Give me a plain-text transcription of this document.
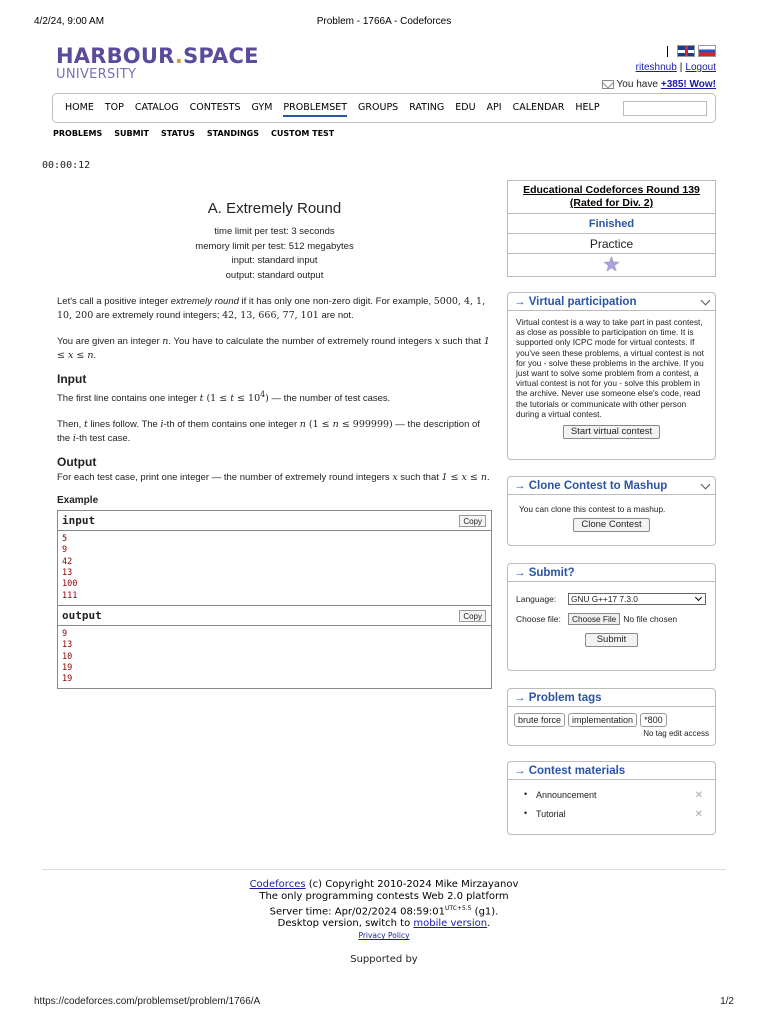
4/2/24, 9:00 AM	Problem - 1766A - Codeforces
HARBOUR.SPACE
UNIVERSITY	riteshnub | Logout
You have +385! Wow!
HOME TOP CATALOG CONTESTS GYM PROBLEMSET GROUPS RATING EDU API CALENDAR HELP
PROBLEMS SUBMIT STATUS STANDINGS CUSTOM TEST
00:00:12
A. Extremely Round
time limit per test: 3 seconds
memory limit per test: 512 megabytes
input: standard input
output: standard output

Let's call a positive integer extremely round if it has only one non-zero digit. For example, 5000, 4, 1, 10, 200 are extremely round integers; 42, 13, 666, 77, 101 are not.

You are given an integer n. You have to calculate the number of extremely round integers x such that 1 ≤ x ≤ n.

Input

The first line contains one integer t $(1 \le t \le 10^4)$ — the number of test cases.

Then, t lines follow. The i-th of them contains one integer n (1 ≤ n ≤ 999999) — the description of the i-th test case.

Output

For each test case, print one integer — the number of extremely round integers x such that 1 ≤ x ≤ n.

Example
input	Copy
5
9
42
13
100
111
output	Copy
9
13
10
19
19
Educational Codeforces Round 139 (Rated for Div. 2)
Finished
Practice
★
→ Virtual participation
Virtual contest is a way to take part in past contest, as close as possible to participation on time. It is supported only ICPC mode for virtual contests. If you've seen these problems, a virtual contest is not for you - solve these problems in the archive. If you just want to solve some problem from a contest, a virtual contest is not for you - solve this problem in the archive. Never use someone else's code, read the tutorials or communicate with other person during a virtual contest.
Start virtual contest
→ Clone Contest to Mashup
You can clone this contest to a mashup.
Clone Contest
→ Submit?
Language:	GNU G++17 7.3.0
Choose file:	Choose File No file chosen
Submit
→ Problem tags
brute force	implementation	*800
No tag edit access
→ Contest materials
• Announcement	✕
• Tutorial	✕
Codeforces (c) Copyright 2010-2024 Mike Mirzayanov
The only programming contests Web 2.0 platform
Server time: Apr/02/2024 $08:59:01^{UTC+5.5}$ (g1).
Desktop version, switch to mobile version.
Privacy Policy
Supported by
https://codeforces.com/problemset/problem/1766/A	1/2
